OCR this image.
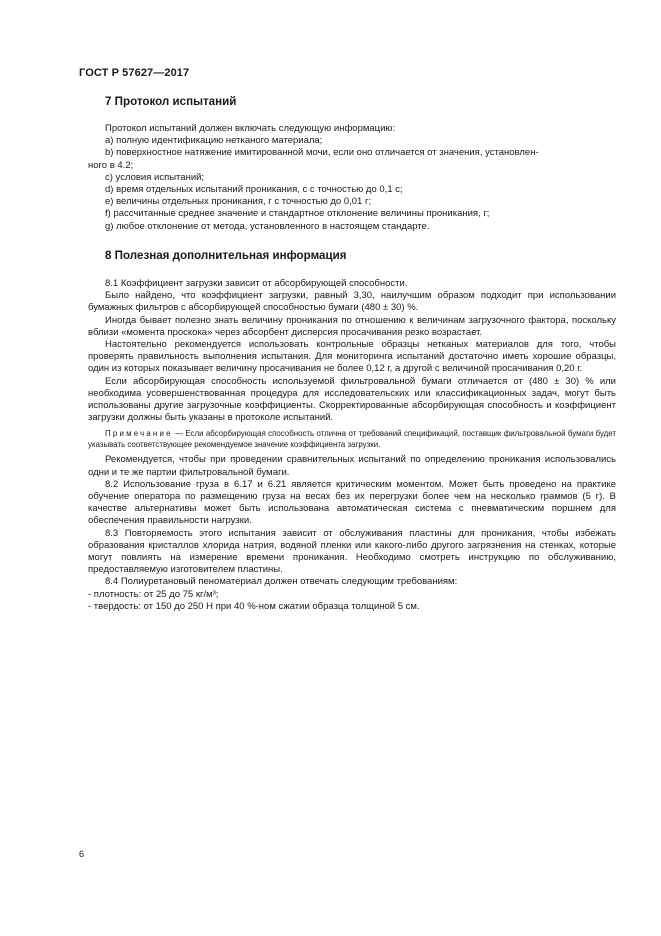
ГОСТ Р 57627—2017
7 Протокол испытаний

Протокол испытаний должен включать следующую информацию:

a) полную идентификацию нетканого материала;

b) поверхностное натяжение имитированной мочи, если оно отличается от значения, установлен-

ного в 4.2;

c) условия испытаний;

d) время отдельных испытаний проникания, с с точностью до 0,1 с;

e) величины отдельных проникания, г с точностью до 0,01 г;

f) рассчитанные среднее значение и стандартное отклонение величины проникания, г;

g) любое отклонение от метода, установленного в настоящем стандарте.

8 Полезная дополнительная информация

8.1 Коэффициент загрузки зависит от абсорбирующей способности.

Было найдено, что коэффициент загрузки, равный 3,30, наилучшим образом подходит при использовании бумажных фильтров с абсорбирующей способностью бумаги (480 ± 30) %.

Иногда бывает полезно знать величину проникания по отношению к величинам загрузочного фактора, поскольку вблизи «момента проскока» через абсорбент дисперсия просачивания резко возрастает.

Настоятельно рекомендуется использовать контрольные образцы нетканых материалов для того, чтобы проверять правильность выполнения испытания. Для мониторинга испытаний достаточно иметь хорошие образцы, один из которых показывает величину просачивания не более 0,12 г, а другой с величиной просачивания 0,20 г.

Если абсорбирующая способность используемой фильтровальной бумаги отличается от (480 ± 30) % или необходима усовершенствованная процедура для исследовательских или классификационных задач, могут быть использованы другие загрузочные коэффициенты. Скорректированные абсорбирующая способность и коэффициент загрузки должны быть указаны в протоколе испытаний.

Примечание — Если абсорбирующая способность отлична от требований спецификаций, поставщик фильтровальной бумаги будет указывать соответствующее рекомендуемое значение коэффициента загрузки.

Рекомендуется, чтобы при проведении сравнительных испытаний по определению проникания использовались одни и те же партии фильтровальной бумаги.

8.2 Использование груза в 6.17 и 6.21 является критическим моментом. Может быть проведено на практике обучение оператора по размещению груза на весах без их перегрузки более чем на несколько граммов (5 г). В качестве альтернативы может быть использована автоматическая система с пневматическим поршнем для обеспечения правильности нагрузки.

8.3 Повторяемость этого испытания зависит от обслуживания пластины для проникания, чтобы избежать образования кристаллов хлорида натрия, водяной пленки или какого-либо другого загрязнения на стенках, которые могут повлиять на измерение времени проникания. Необходимо смотреть инструкцию по обслуживанию, предоставляемую изготовителем пластины.

8.4 Полиуретановый пеноматериал должен отвечать следующим требованиям:

- плотность: от 25 до 75 кг/м³;

- твердость: от 150 до 250 Н при 40 %-ном сжатии образца толщиной 5 см.

6
